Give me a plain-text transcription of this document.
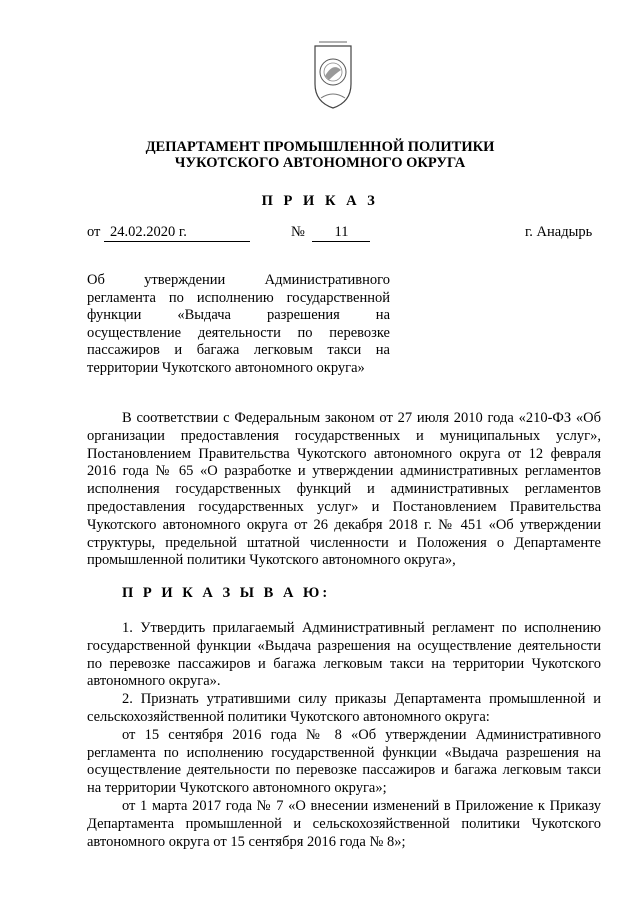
ДЕПАРТАМЕНТ ПРОМЫШЛЕННОЙ ПОЛИТИКИ
ЧУКОТСКОГО АВТОНОМНОГО ОКРУГА
П Р И К А З
от 24.02.2020 г.	№ 11	г. Анадырь
Об утверждении Административного регламента по исполнению государственной функции «Выдача разрешения на осуществление деятельности по перевозке пассажиров и багажа легковым такси на территории Чукотского автономного округа»

В соответствии с Федеральным законом от 27 июля 2010 года «210-ФЗ «Об организации предоставления государственных и муниципальных услуг», Постановлением Правительства Чукотского автономного округа от 12 февраля 2016 года № 65 «О разработке и утверждении административных регламентов исполнения государственных функций и административных регламентов предоставления государственных услуг» и Постановлением Правительства Чукотского автономного округа от 26 декабря 2018 г. № 451 «Об утверждении структуры, предельной штатной численности и Положения о Департаменте промышленной политики Чукотского автономного округа»,

П Р И К А З Ы В А Ю:

1. Утвердить прилагаемый Административный регламент по исполнению государственной функции «Выдача разрешения на осуществление деятельности по перевозке пассажиров и багажа легковым такси на территории Чукотского автономного округа».

2. Признать утратившими силу приказы Департамента промышленной и сельскохозяйственной политики Чукотского автономного округа:

от 15 сентября 2016 года № 8 «Об утверждении Административного регламента по исполнению государственной функции «Выдача разрешения на осуществление деятельности по перевозке пассажиров и багажа легковым такси на территории Чукотского автономного округа»;

от 1 марта 2017 года № 7 «О внесении изменений в Приложение к Приказу Департамента промышленной и сельскохозяйственной политики Чукотского автономного округа от 15 сентября 2016 года № 8»;
